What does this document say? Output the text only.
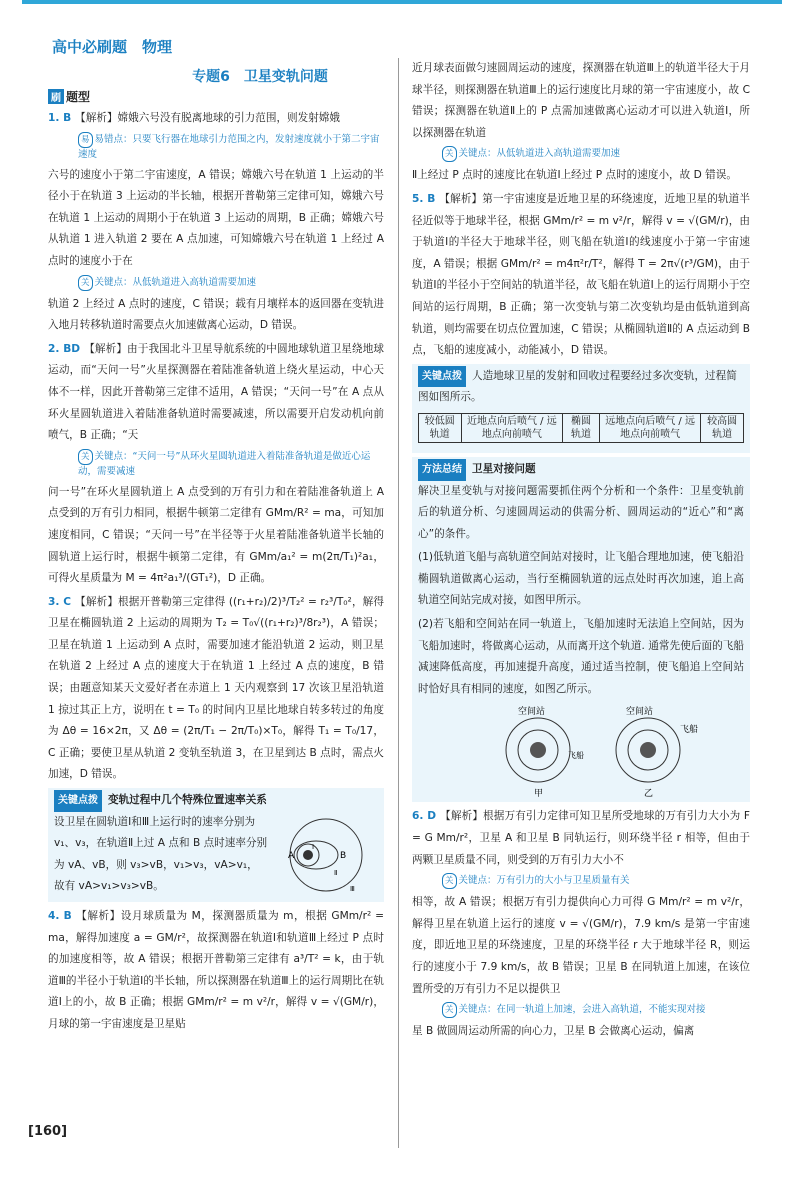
高中必刷题　物理
专题6　卫星变轨问题
刷 题型

1. B 【解析】嫦娥六号没有脱离地球的引力范围，则发射嫦娥

易 易错点：只要飞行器在地球引力范围之内，发射速度就小于第二宇宙速度

六号的速度小于第二宇宙速度，A 错误；嫦娥六号在轨道 1 上运动的半径小于在轨道 3 上运动的半长轴，根据开普勒第三定律可知，嫦娥六号在轨道 1 上运动的周期小于在轨道 3 上运动的周期，B 正确；嫦娥六号从轨道 1 进入轨道 2 要在 A 点加速，可知嫦娥六号在轨道 1 上经过 A 点时的速度小于在

关 关键点：从低轨道进入高轨道需要加速

轨道 2 上经过 A 点时的速度，C 错误；载有月壤样本的返回器在变轨进入地月转移轨道时需要点火加速做离心运动，D 错误。

2. BD 【解析】由于我国北斗卫星导航系统的中圆地球轨道卫星绕地球运动，而“天问一号”火星探测器在着陆准备轨道上绕火星运动，中心天体不一样，因此开普勒第三定律不适用，A 错误；“天问一号”在 A 点从环火星圆轨道进入着陆准备轨道时需要减速，所以需要开启发动机向前喷气，B 正确；“天

关 关键点：“天问一号”从环火星圆轨道进入着陆准备轨道是做近心运动，需要减速

问一号”在环火星圆轨道上 A 点受到的万有引力和在着陆准备轨道上 A 点受到的万有引力相同，根据牛顿第二定律有 GMm/R² = ma，可知加速度相同，C 错误；“天问一号”在半径等于火星着陆准备轨道半长轴的圆轨道上运行时，根据牛顿第二定律，有 GMm/a₁² = m(2π/T₁)²a₁，可得火星质量为 M = 4π²a₁³/(GT₁²)，D 正确。

3. C 【解析】根据开普勒第三定律得 ((r₁+r₂)/2)³/T₂² = r₂³/T₀²，解得卫星在椭圆轨道 2 上运动的周期为 T₂ = T₀√((r₁+r₂)³/8r₂³)，A 错误；卫星在轨道 1 上运动到 A 点时，需要加速才能沿轨道 2 运动，则卫星在轨道 2 上经过 A 点的速度大于在轨道 1 上经过 A 点的速度，B 错误；由题意知某天文爱好者在赤道上 1 天内观察到 17 次该卫星沿轨道 1 掠过其正上方，说明在 t = T₀ 的时间内卫星比地球自转多转过的角度为 Δθ = 16×2π，又 Δθ = (2π/T₁ − 2π/T₀)×T₀，解得 T₁ = T₀/17，C 正确；要使卫星从轨道 2 变轨至轨道 3，在卫星到达 B 点时，需点火加速，D 错误。

关键点拨 变轨过程中几个特殊位置速率关系
设卫星在圆轨道Ⅰ和Ⅲ上运行时的速率分别为 v₁、v₃，在轨道Ⅱ上过 A 点和 B 点时速率分别为 vA、vB，则 v₃>vB，v₁>v₃，vA>v₁，故有 vA>v₁>v₃>vB。
A	B
Ⅰ
Ⅱ
Ⅲ

4. B 【解析】设月球质量为 M，探测器质量为 m，根据 GMm/r² = ma，解得加速度 a = GM/r²，故探测器在轨道Ⅰ和轨道Ⅲ上经过 P 点时的加速度相等，故 A 错误；根据开普勒第三定律有 a³/T² = k，由于轨道Ⅲ的半径小于轨道Ⅰ的半长轴，所以探测器在轨道Ⅲ上的运行周期比在轨道Ⅰ上的小，故 B 正确；根据 GMm/r² = m v²/r，解得 v = √(GM/r)，月球的第一宇宙速度是卫星贴

近月球表面做匀速圆周运动的速度，探测器在轨道Ⅲ上的轨道半径大于月球半径，则探测器在轨道Ⅲ上的运行速度比月球的第一宇宙速度小，故 C 错误；探测器在轨道Ⅱ上的 P 点需加速做离心运动才可以进入轨道Ⅰ，所以探测器在轨道

关 关键点：从低轨道进入高轨道需要加速

Ⅱ上经过 P 点时的速度比在轨道Ⅰ上经过 P 点时的速度小，故 D 错误。

5. B 【解析】第一宇宙速度是近地卫星的环绕速度，近地卫星的轨道半径近似等于地球半径，根据 GMm/r² = m v²/r，解得 v = √(GM/r)，由于轨道Ⅰ的半径大于地球半径，则飞船在轨道Ⅰ的线速度小于第一宇宙速度，A 错误；根据 GMm/r² = m4π²r/T²，解得 T = 2π√(r³/GM)，由于轨道Ⅰ的半径小于空间站的轨道半径，故飞船在轨道Ⅰ上的运行周期小于空间站的运行周期，B 正确；第一次变轨与第二次变轨均是由低轨道到高轨道，则均需要在切点位置加速，C 错误；从椭圆轨道Ⅱ的 A 点运动到 B 点，飞船的速度减小，动能减小，D 错误。

关键点拨 人造地球卫星的发射和回收过程要经过多次变轨，过程简图如图所示。
较低圆轨道	近地点向后喷气 / 远地点向前喷气	椭圆轨道	远地点向后喷气 / 远地点向前喷气	较高圆轨道
方法总结 卫星对接问题

解决卫星变轨与对接问题需要抓住两个分析和一个条件：卫星变轨前后的轨道分析、匀速圆周运动的供需分析、圆周运动的“近心”和“离心”的条件。

(1)低轨道飞船与高轨道空间站对接时，让飞船合理地加速，使飞船沿椭圆轨道做离心运动，当行至椭圆轨道的远点处时再次加速，追上高轨道空间站完成对接，如图甲所示。

(2)若飞船和空间站在同一轨道上，飞船加速时无法追上空间站，因为飞船加速时，将做离心运动，从而离开这个轨道. 通常先使后面的飞船减速降低高度，再加速提升高度，通过适当控制，使飞船追上空间站时恰好具有相同的速度，如图乙所示。

空间站
飞船
甲
空间站
飞船
乙

6. D 【解析】根据万有引力定律可知卫星所受地球的万有引力大小为 F = G Mm/r²，卫星 A 和卫星 B 同轨运行，则环绕半径 r 相等，但由于两颗卫星质量不同，则受到的万有引力大小不

关 关键点：万有引力的大小与卫星质量有关

相等，故 A 错误；根据万有引力提供向心力可得 G Mm/r² = m v²/r，解得卫星在轨道上运行的速度 v = √(GM/r)，7.9 km/s 是第一宇宙速度，即近地卫星的环绕速度，卫星的环绕半径 r 大于地球半径 R，则运行的速度小于 7.9 km/s，故 B 错误；卫星 B 在同轨道上加速，在该位置所受的万有引力不足以提供卫

关 关键点：在同一轨道上加速，会进入高轨道，不能实现对接

星 B 做圆周运动所需的向心力，卫星 B 会做离心运动，偏离

[160]
